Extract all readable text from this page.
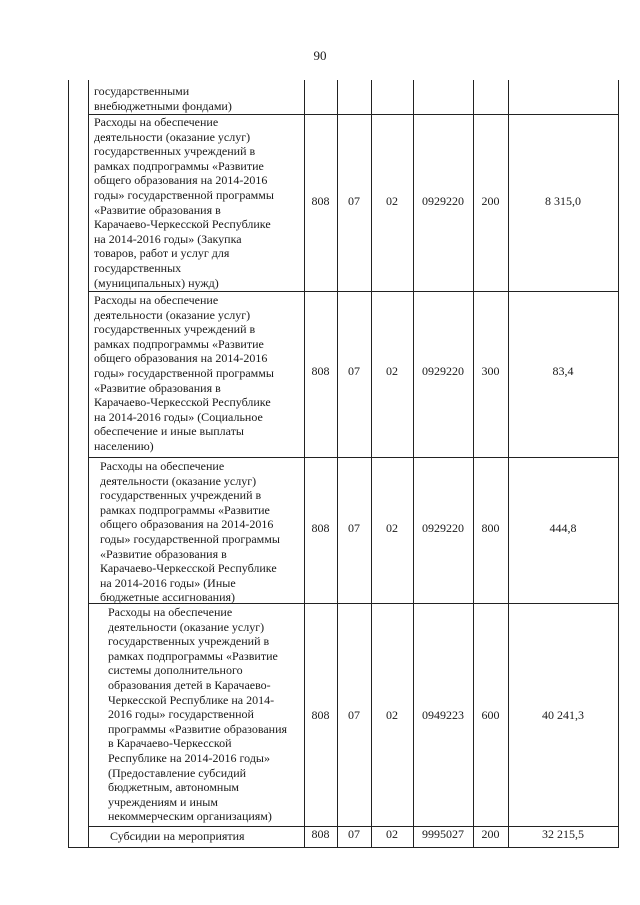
90
государственными
внебюджетными фондами)
Расходы на обеспечение
деятельности (оказание услуг)
государственных учреждений в
рамках подпрограммы «Развитие
общего образования на 2014-2016
годы» государственной программы
«Развитие образования в
Карачаево-Черкесской Республике
на 2014-2016 годы» (Закупка
товаров, работ и услуг для
государственных
(муниципальных) нужд)
808	07	02	0929220	200	8 315,0
Расходы на обеспечение
деятельности (оказание услуг)
государственных учреждений в
рамках подпрограммы «Развитие
общего образования на 2014-2016
годы» государственной программы
«Развитие образования в
Карачаево-Черкесской Республике
на 2014-2016 годы» (Социальное
обеспечение и иные выплаты
населению)
808	07	02	0929220	300	83,4
Расходы на обеспечение
деятельности (оказание услуг)
государственных учреждений в
рамках подпрограммы «Развитие
общего образования на 2014-2016
годы» государственной программы
«Развитие образования в
Карачаево-Черкесской Республике
на 2014-2016 годы» (Иные
бюджетные ассигнования)
808	07	02	0929220	800	444,8
Расходы на обеспечение
деятельности (оказание услуг)
государственных учреждений в
рамках подпрограммы «Развитие
системы дополнительного
образования детей в Карачаево-
Черкесской Республике на 2014-
2016 годы» государственной
программы «Развитие образования
в Карачаево-Черкесской
Республике на 2014-2016 годы»
(Предоставление субсидий
бюджетным, автономным
учреждениям и иным
некоммерческим организациям)
808	07	02	0949223	600	40 241,3
Субсидии на мероприятия	808	07	02	9995027	200	32 215,5
